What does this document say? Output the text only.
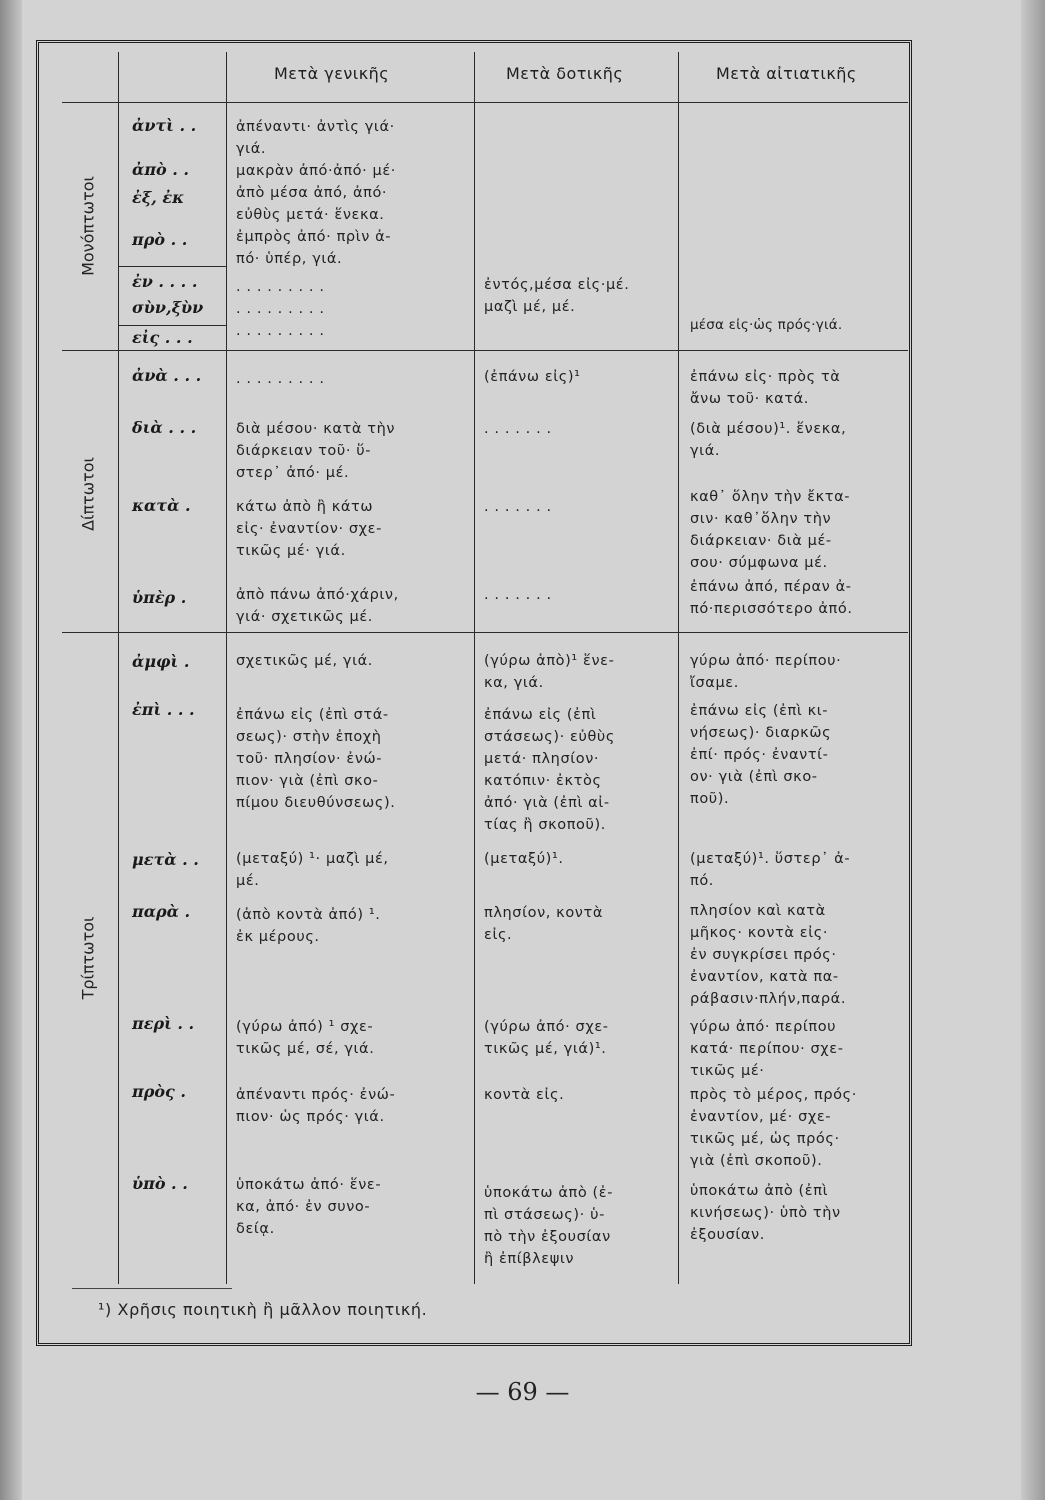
Μετὰ γενικῆς	Μετὰ δοτικῆς	Μετὰ αἰτιατικῆς
Μονόπτωτοι
Δίπτωτοι
Τρίπτωτοι
ἀντὶ . .
ἀπὸ . .
ἐξ, ἐκ
πρὸ . .
ἐν . . . .
σὺν,ξὺν
εἰς . . .
ἀνὰ . . .
διὰ . . .
κατὰ .
ὑπὲρ .
ἀμφὶ .
ἐπὶ . . .
μετὰ . .
παρὰ .
περὶ . .
πρὸς .
ὑπὸ . .
ἀπέναντι· ἀντὶς γιά·
γιά.
μακρὰν ἀπό·ἀπό· μέ·
ἀπὸ μέσα ἀπό, ἀπό·
εὐθὺς μετά· ἕνεκα.
ἐμπρὸς ἀπό· πρὶν ἀ-
πό· ὑπέρ, γιά.
. . . . . . . . .
. . . . . . . . .
. . . . . . . . .
. . . . . . . . .
διὰ μέσου· κατὰ τὴν
διάρκειαν τοῦ· ὕ-
στερ᾽ ἀπό· μέ.
κάτω ἀπὸ ἢ κάτω
εἰς· ἐναντίον· σχε-
τικῶς μέ· γιά.
ἀπὸ πάνω ἀπό·χάριν,
γιά· σχετικῶς μέ.
σχετικῶς μέ, γιά.
ἐπάνω εἰς (ἐπὶ στά-
σεως)· στὴν ἐποχὴ
τοῦ· πλησίον· ἐνώ-
πιον· γιὰ (ἐπὶ σκο-
πίμου διευθύνσεως).
(μεταξύ) ¹· μαζὶ μέ,
μέ.
(ἀπὸ κοντὰ ἀπό) ¹.
ἐκ μέρους.
(γύρω ἀπό) ¹ σχε-
τικῶς μέ, σέ, γιά.
ἀπέναντι πρός· ἐνώ-
πιον· ὡς πρός· γιά.
ὑποκάτω ἀπό· ἕνε-
κα, ἀπό· ἐν συνο-
δείᾳ.
ἐντός,μέσα εἰς·μέ.
μαζὶ μέ, μέ.
(ἐπάνω εἰς)¹
. . . . . . .
. . . . . . .
. . . . . . .
(γύρω ἀπὸ)¹ ἕνε-
κα, γιά.
ἐπάνω εἰς (ἐπὶ
στάσεως)· εὐθὺς
μετά· πλησίον·
κατόπιν· ἐκτὸς
ἀπό· γιὰ (ἐπὶ αἰ-
τίας ἢ σκοποῦ).
(μεταξύ)¹.
πλησίον, κοντὰ
εἰς.
(γύρω ἀπό· σχε-
τικῶς μέ, γιά)¹.
κοντὰ εἰς.
ὑποκάτω ἀπὸ (ἐ-
πὶ στάσεως)· ὑ-
πὸ τὴν ἐξουσίαν
ἢ ἐπίβλεψιν
μέσα εἰς·ὡς πρός·γιά.
ἐπάνω εἰς· πρὸς τὰ
ἄνω τοῦ· κατά.
(διὰ μέσου)¹. ἕνεκα,
γιά.
καθ᾽ ὅλην τὴν ἔκτα-
σιν· καθ᾽ὅλην τὴν
διάρκειαν· διὰ μέ-
σου· σύμφωνα μέ.
ἐπάνω ἀπό, πέραν ἀ-
πό·περισσότερο ἀπό.
γύρω ἀπό· περίπου·
ἴσαμε.
ἐπάνω εἰς (ἐπὶ κι-
νήσεως)· διαρκῶς
ἐπί· πρός· ἐναντί-
ον· γιὰ (ἐπὶ σκο-
ποῦ).
(μεταξύ)¹. ὕστερ᾽ ἀ-
πό.
πλησίον καὶ κατὰ
μῆκος· κοντὰ εἰς·
ἐν συγκρίσει πρός·
ἐναντίον, κατὰ πα-
ράβασιν·πλήν,παρά.
γύρω ἀπό· περίπου
κατά· περίπου· σχε-
τικῶς μέ·
πρὸς τὸ μέρος, πρός·
ἐναντίον, μέ· σχε-
τικῶς μέ, ὡς πρός·
γιὰ (ἐπὶ σκοποῦ).
ὑποκάτω ἀπὸ (ἐπὶ
κινήσεως)· ὑπὸ τὴν
ἐξουσίαν.
¹) Χρῆσις ποιητικὴ ἢ μᾶλλον ποιητική.
— 69 —
